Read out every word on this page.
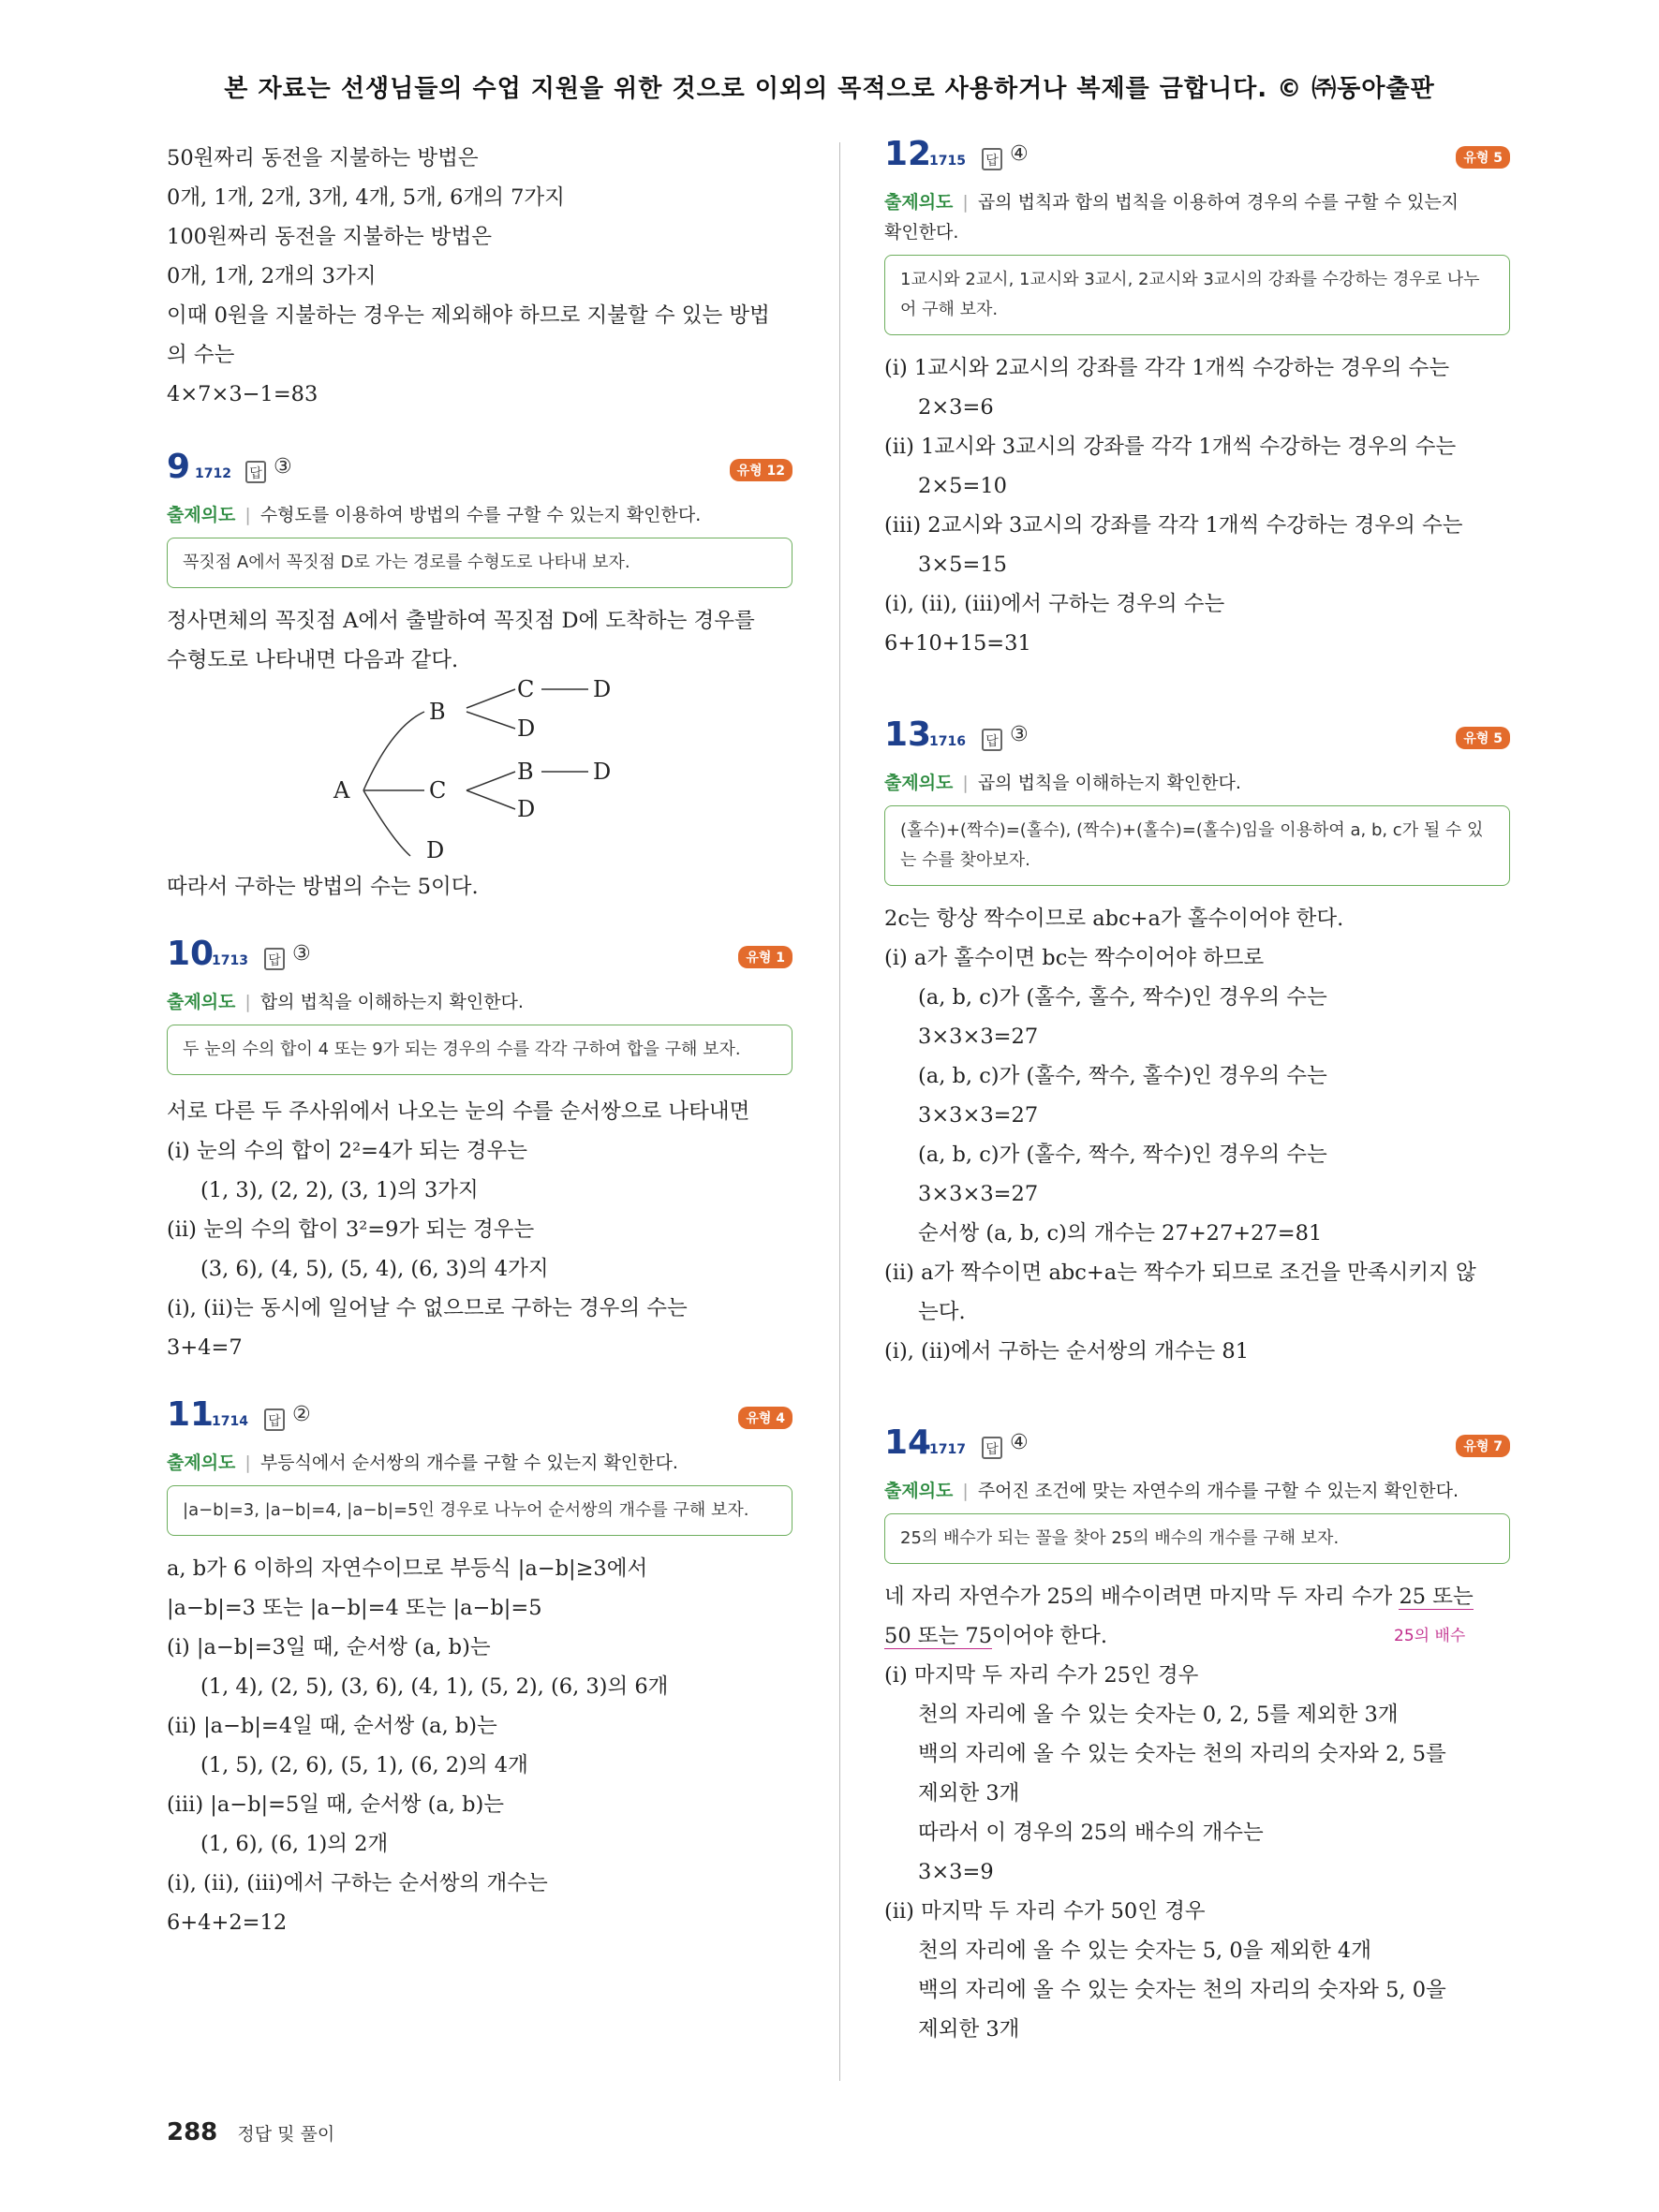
본 자료는 선생님들의 수업 지원을 위한 것으로 이외의 목적으로 사용하거나 복제를 금합니다. © ㈜동아출판
50원짜리 동전을 지불하는 방법은
0개, 1개, 2개, 3개, 4개, 5개, 6개의 7가지
100원짜리 동전을 지불하는 방법은
0개, 1개, 2개의 3가지
이때 0원을 지불하는 경우는 제외해야 하므로 지불할 수 있는 방법
의 수는
4×7×3−1=83
9 1712	답 ③	유형 12
출제의도 | 수형도를 이용하여 방법의 수를 구할 수 있는지 확인한다.
꼭짓점 A에서 꼭짓점 D로 가는 경로를 수형도로 나타내 보자.
정사면체의 꼭짓점 A에서 출발하여 꼭짓점 D에 도착하는 경우를
수형도로 나타내면 다음과 같다.
A
B
C
C
D
B
D
D
D
D
따라서 구하는 방법의 수는 5이다.
10
1713	답 ③	유형 1
출제의도 | 합의 법칙을 이해하는지 확인한다.
두 눈의 수의 합이 4 또는 9가 되는 경우의 수를 각각 구하여 합을 구해 보자.
서로 다른 두 주사위에서 나오는 눈의 수를 순서쌍으로 나타내면
(ⅰ) 눈의 수의 합이 2²=4가 되는 경우는
(1, 3), (2, 2), (3, 1)의 3가지
(ⅱ) 눈의 수의 합이 3²=9가 되는 경우는
(3, 6), (4, 5), (5, 4), (6, 3)의 4가지
(ⅰ), (ⅱ)는 동시에 일어날 수 없으므로 구하는 경우의 수는
3+4=7
11
1714	답 ②	유형 4
출제의도 | 부등식에서 순서쌍의 개수를 구할 수 있는지 확인한다.
|a−b|=3, |a−b|=4, |a−b|=5인 경우로 나누어 순서쌍의 개수를 구해 보자.
a, b가 6 이하의 자연수이므로 부등식 |a−b|≥3에서
|a−b|=3 또는 |a−b|=4 또는 |a−b|=5
(ⅰ) |a−b|=3일 때, 순서쌍 (a, b)는
(1, 4), (2, 5), (3, 6), (4, 1), (5, 2), (6, 3)의 6개
(ⅱ) |a−b|=4일 때, 순서쌍 (a, b)는
(1, 5), (2, 6), (5, 1), (6, 2)의 4개
(ⅲ) |a−b|=5일 때, 순서쌍 (a, b)는
(1, 6), (6, 1)의 2개
(ⅰ), (ⅱ), (ⅲ)에서 구하는 순서쌍의 개수는
6+4+2=12
12
1715	답 ④	유형 5
출제의도 | 곱의 법칙과 합의 법칙을 이용하여 경우의 수를 구할 수 있는지
확인한다.
1교시와 2교시, 1교시와 3교시, 2교시와 3교시의 강좌를 수강하는 경우로 나누어 구해 보자.
(ⅰ) 1교시와 2교시의 강좌를 각각 1개씩 수강하는 경우의 수는
2×3=6
(ⅱ) 1교시와 3교시의 강좌를 각각 1개씩 수강하는 경우의 수는
2×5=10
(ⅲ) 2교시와 3교시의 강좌를 각각 1개씩 수강하는 경우의 수는
3×5=15
(ⅰ), (ⅱ), (ⅲ)에서 구하는 경우의 수는
6+10+15=31
13
1716	답 ③	유형 5
출제의도 | 곱의 법칙을 이해하는지 확인한다.
(홀수)+(짝수)=(홀수), (짝수)+(홀수)=(홀수)임을 이용하여 a, b, c가 될 수 있는 수를 찾아보자.
2c는 항상 짝수이므로 abc+a가 홀수이어야 한다.
(ⅰ) a가 홀수이면 bc는 짝수이어야 하므로
(a, b, c)가 (홀수, 홀수, 짝수)인 경우의 수는
3×3×3=27
(a, b, c)가 (홀수, 짝수, 홀수)인 경우의 수는
3×3×3=27
(a, b, c)가 (홀수, 짝수, 짝수)인 경우의 수는
3×3×3=27
순서쌍 (a, b, c)의 개수는 27+27+27=81
(ⅱ) a가 짝수이면 abc+a는 짝수가 되므로 조건을 만족시키지 않
는다.
(ⅰ), (ⅱ)에서 구하는 순서쌍의 개수는 81
14
1717	답 ④	유형 7
출제의도 | 주어진 조건에 맞는 자연수의 개수를 구할 수 있는지 확인한다.
25의 배수가 되는 꼴을 찾아 25의 배수의 개수를 구해 보자.
네 자리 자연수가 25의 배수이려면 마지막 두 자리 수가 25 또는
50 또는 75이어야 한다.	25의 배수
(ⅰ) 마지막 두 자리 수가 25인 경우
천의 자리에 올 수 있는 숫자는 0, 2, 5를 제외한 3개
백의 자리에 올 수 있는 숫자는 천의 자리의 숫자와 2, 5를
제외한 3개
따라서 이 경우의 25의 배수의 개수는
3×3=9
(ⅱ) 마지막 두 자리 수가 50인 경우
천의 자리에 올 수 있는 숫자는 5, 0을 제외한 4개
백의 자리에 올 수 있는 숫자는 천의 자리의 숫자와 5, 0을
제외한 3개
288 정답 및 풀이
